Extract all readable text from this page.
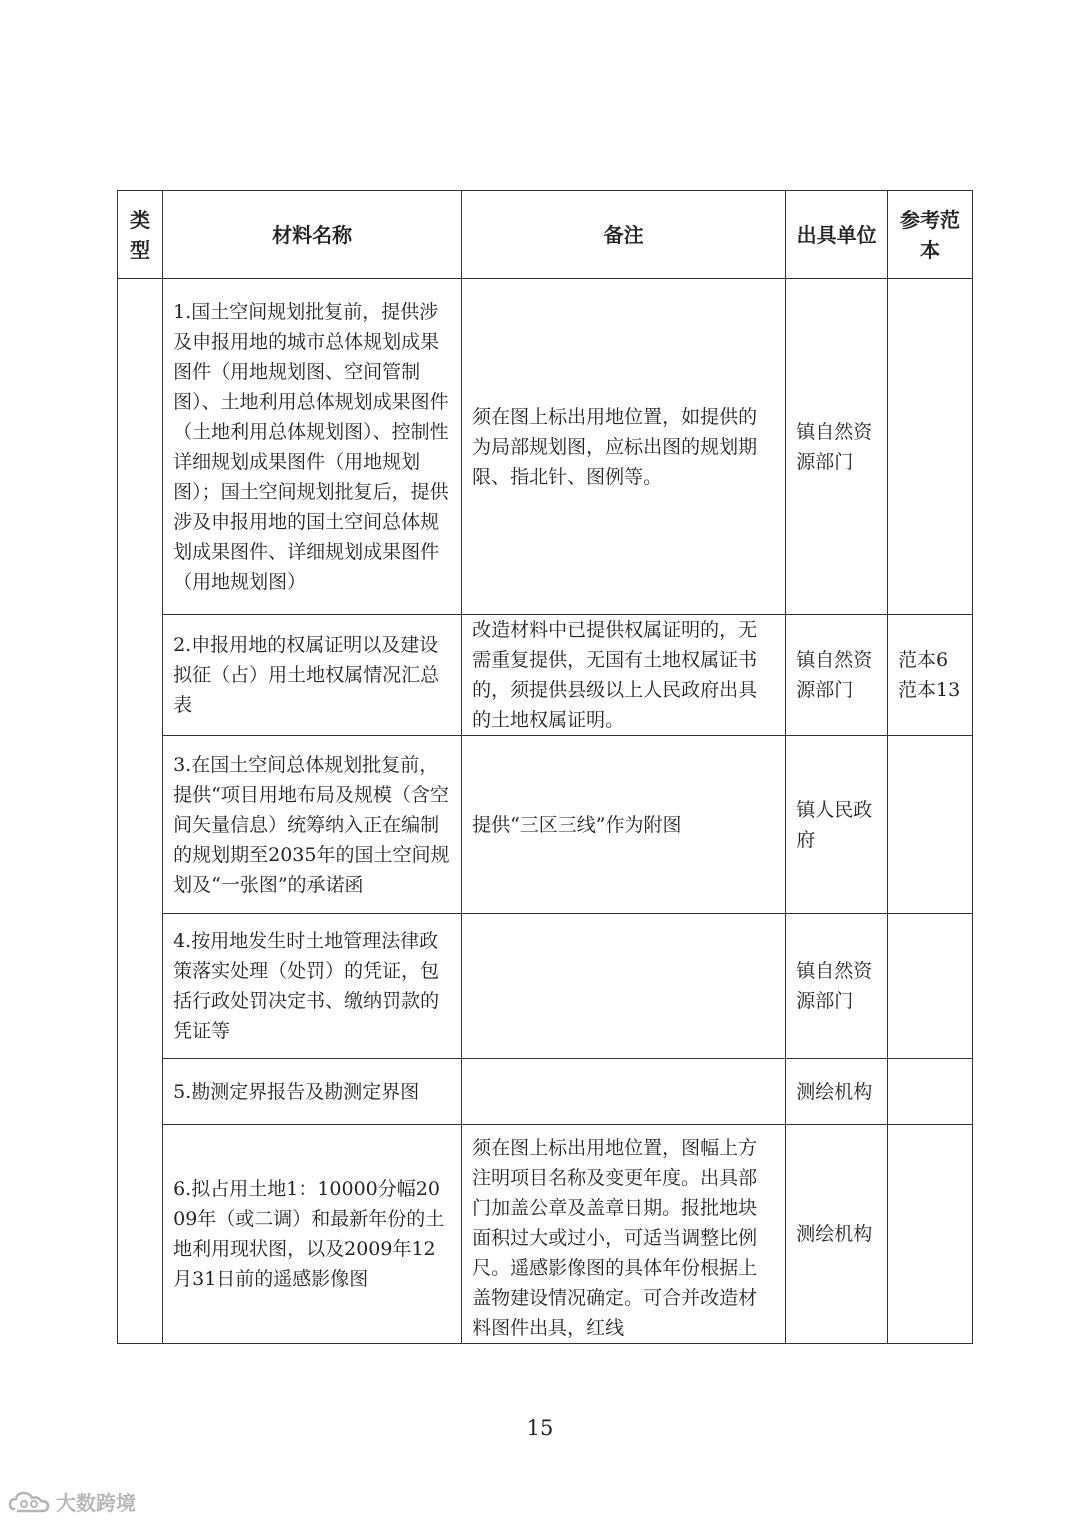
类型	材料名称	备注	出具单位	参考范本
	1.国土空间规划批复前，提供涉及申报用地的城市总体规划成果图件（用地规划图、空间管制图）、土地利用总体规划成果图件（土地利用总体规划图）、控制性详细规划成果图件（用地规划图）；国土空间规划批复后，提供涉及申报用地的国土空间总体规划成果图件、详细规划成果图件（用地规划图）	须在图上标出用地位置，如提供的为局部规划图，应标出图的规划期限、指北针、图例等。	镇自然资源部门	
	2.申报用地的权属证明以及建设拟征（占）用土地权属情况汇总表	改造材料中已提供权属证明的，无需重复提供，无国有土地权属证书的，须提供县级以上人民政府出具的土地权属证明。	镇自然资源部门	范本6 范本13
	3.在国土空间总体规划批复前，提供“项目用地布局及规模（含空间矢量信息）统筹纳入正在编制的规划期至2035年的国土空间规划及“一张图”的承诺函	提供“三区三线”作为附图	镇人民政府	
	4.按用地发生时土地管理法律政策落实处理（处罚）的凭证，包括行政处罚决定书、缴纳罚款的凭证等		镇自然资源部门	
	5.勘测定界报告及勘测定界图		测绘机构	
	6.拟占用土地1：10000分幅2009年（或二调）和最新年份的土地利用现状图，以及2009年12月31日前的遥感影像图	须在图上标出用地位置，图幅上方注明项目名称及变更年度。出具部门加盖公章及盖章日期。报批地块面积过大或过小，可适当调整比例尺。遥感影像图的具体年份根据上盖物建设情况确定。可合并改造材料图件出具，红线	测绘机构	
15
大数跨境
